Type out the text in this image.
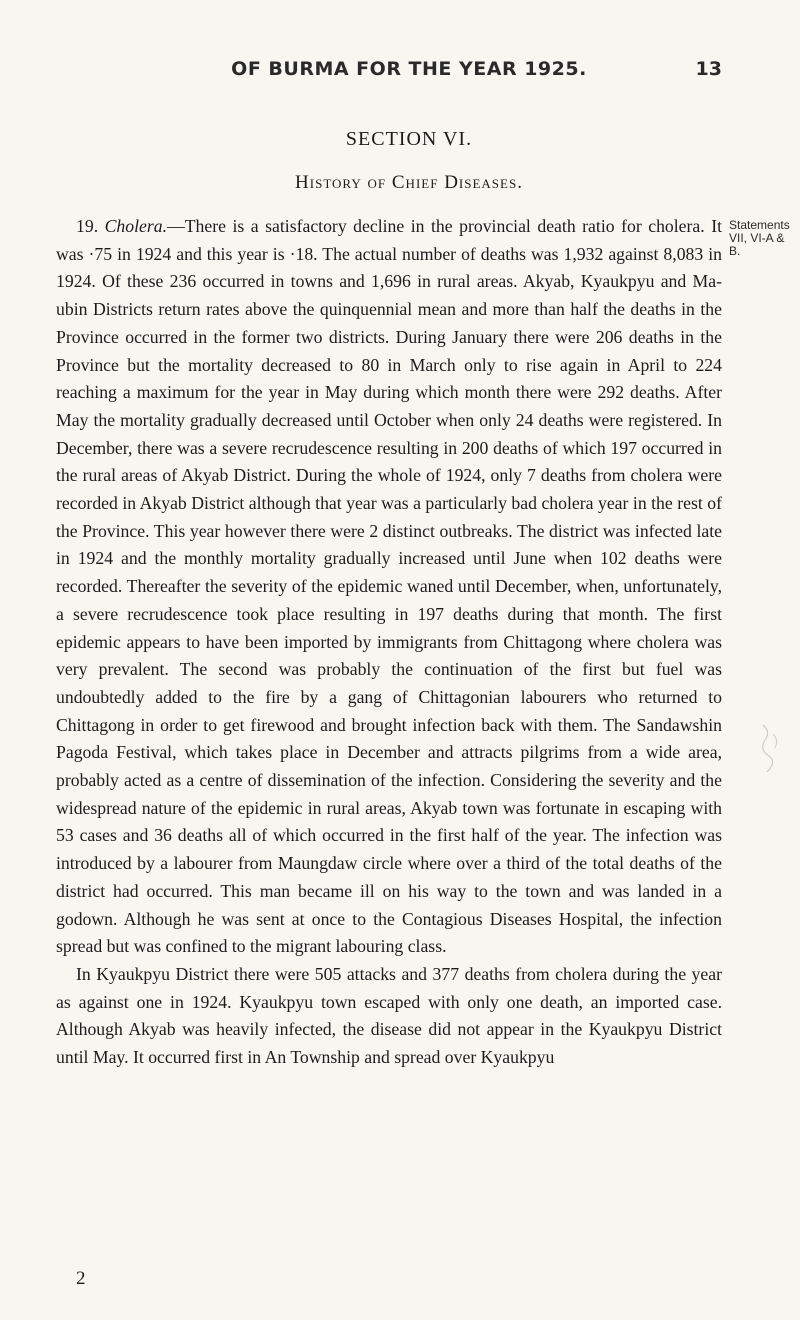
OF BURMA FOR THE YEAR 1925.	13
SECTION VI.
History of Chief Diseases.
Statements VII, VI-A & B.

19. Cholera.—There is a satisfactory decline in the provincial death ratio for cholera. It was ·75 in 1924 and this year is ·18. The actual number of deaths was 1,932 against 8,083 in 1924. Of these 236 occurred in towns and 1,696 in rural areas. Akyab, Kyaukpyu and Ma-ubin Districts return rates above the quinquennial mean and more than half the deaths in the Province occurred in the former two districts. During January there were 206 deaths in the Province but the mortality decreased to 80 in March only to rise again in April to 224 reaching a maximum for the year in May during which month there were 292 deaths. After May the mortality gradually decreased until October when only 24 deaths were registered. In December, there was a severe recrudescence resulting in 200 deaths of which 197 occurred in the rural areas of Akyab District. During the whole of 1924, only 7 deaths from cholera were recorded in Akyab District although that year was a particularly bad cholera year in the rest of the Province. This year however there were 2 distinct outbreaks. The district was infected late in 1924 and the monthly mortality gradually increased until June when 102 deaths were recorded. Thereafter the severity of the epidemic waned until December, when, unfortunately, a severe recrudescence took place resulting in 197 deaths during that month. The first epidemic appears to have been imported by immigrants from Chittagong where cholera was very prevalent. The second was probably the continuation of the first but fuel was undoubtedly added to the fire by a gang of Chittagonian labourers who returned to Chittagong in order to get firewood and brought infection back with them. The Sandawshin Pagoda Festival, which takes place in December and attracts pilgrims from a wide area, probably acted as a centre of dissemination of the infection. Considering the severity and the widespread nature of the epidemic in rural areas, Akyab town was fortunate in escaping with 53 cases and 36 deaths all of which occurred in the first half of the year. The infection was introduced by a labourer from Maungdaw circle where over a third of the total deaths of the district had occurred. This man became ill on his way to the town and was landed in a godown. Although he was sent at once to the Contagious Diseases Hospital, the infection spread but was confined to the migrant labouring class.

In Kyaukpyu District there were 505 attacks and 377 deaths from cholera during the year as against one in 1924. Kyaukpyu town escaped with only one death, an imported case. Although Akyab was heavily infected, the disease did not appear in the Kyaukpyu District until May. It occurred first in An Township and spread over Kyaukpyu

2
